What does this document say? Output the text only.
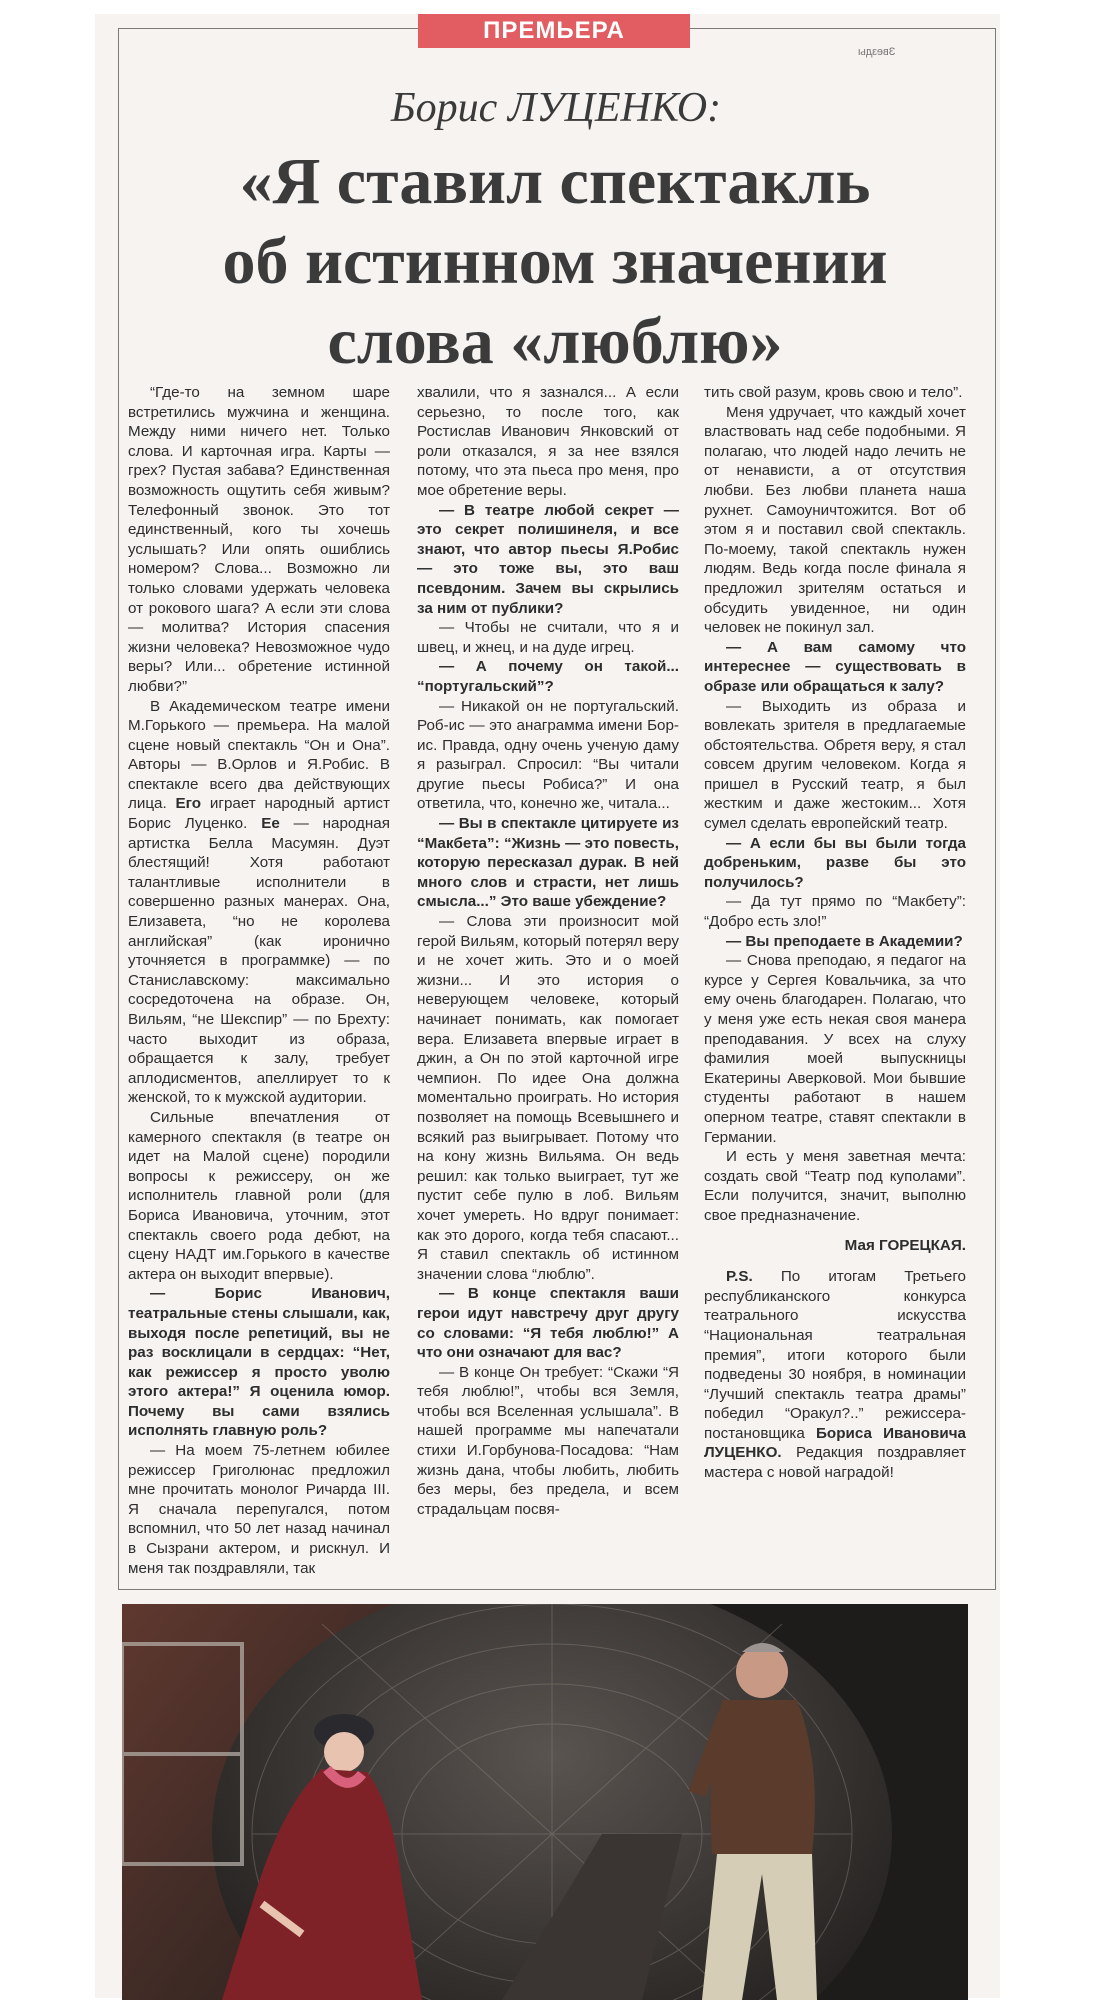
ПРЕМЬЕРА
Звезды
Борис ЛУЦЕНКО:
«Я ставил спектакль
об истинном значении
слова «люблю»

“Где-то на земном шаре встретились мужчина и женщина. Между ними ничего нет. Только слова. И карточная игра. Карты — грех? Пустая забава? Единственная возможность ощутить себя живым? Телефонный звонок. Это тот единственный, кого ты хочешь услышать? Или опять ошиблись номером? Слова... Возможно ли только словами удержать человека от рокового шага? А если эти слова — молитва? История спасения жизни человека? Невозможное чудо веры? Или... обретение истинной любви?”

В Академическом театре имени М.Горького — премьера. На малой сцене новый спектакль “Он и Она”. Авторы — В.Орлов и Я.Робис. В спектакле всего два действующих лица. Его играет народный артист Борис Луценко. Ее — народная артистка Белла Масумян. Дуэт блестящий! Хотя работают талантливые исполнители в совершенно разных манерах. Она, Елизавета, “но не королева английская” (как иронично уточняется в программке) — по Станиславскому: максимально сосредоточена на образе. Он, Вильям, “не Шекспир” — по Брехту: часто выходит из образа, обращается к залу, требует аплодисментов, апеллирует то к женской, то к мужской аудитории.

Сильные впечатления от камерного спектакля (в театре он идет на Малой сцене) породили вопросы к режиссеру, он же исполнитель главной роли (для Бориса Ивановича, уточним, этот спектакль своего рода дебют, на сцену НАДТ им.Горького в качестве актера он выходит впервые).

— Борис Иванович, театральные стены слышали, как, выходя после репетиций, вы не раз восклицали в сердцах: “Нет, как режиссер я просто уволю этого актера!” Я оценила юмор. Почему вы сами взялись исполнять главную роль?

— На моем 75-летнем юбилее режиссер Григолюнас предложил мне прочитать монолог Ричарда III. Я сначала перепугался, потом вспомнил, что 50 лет назад начинал в Сызрани актером, и рискнул. И меня так поздравляли, так

хвалили, что я зазнался... А если серьезно, то после того, как Ростислав Иванович Янковский от роли отказался, я за нее взялся потому, что эта пьеса про меня, про мое обретение веры.

— В театре любой секрет — это секрет полишинеля, и все знают, что автор пьесы Я.Робис — это тоже вы, это ваш псевдоним. Зачем вы скрылись за ним от публики?

— Чтобы не считали, что я и швец, и жнец, и на дуде игрец.

— А почему он такой... “португальский”?

— Никакой он не португальский. Роб-ис — это анаграмма имени Бор-ис. Правда, одну очень ученую даму я разыграл. Спросил: “Вы читали другие пьесы Робиса?” И она ответила, что, конечно же, читала...

— Вы в спектакле цитируете из “Макбета”: “Жизнь — это повесть, которую пересказал дурак. В ней много слов и страсти, нет лишь смысла...” Это ваше убеждение?

— Слова эти произносит мой герой Вильям, который потерял веру и не хочет жить. Это и о моей жизни... И это история о неверующем человеке, который начинает понимать, как помогает вера. Елизавета впервые играет в джин, а Он по этой карточной игре чемпион. По идее Она должна моментально проиграть. Но история позволяет на помощь Всевышнего и всякий раз выигрывает. Потому что на кону жизнь Вильяма. Он ведь решил: как только выиграет, тут же пустит себе пулю в лоб. Вильям хочет умереть. Но вдруг понимает: как это дорого, когда тебя спасают... Я ставил спектакль об истинном значении слова “люблю”.

— В конце спектакля ваши герои идут навстречу друг другу со словами: “Я тебя люблю!” А что они означают для вас?

— В конце Он требует: “Скажи “Я тебя люблю!”, чтобы вся Земля, чтобы вся Вселенная услышала”. В нашей программе мы напечатали стихи И.Горбунова-Посадова: “Нам жизнь дана, чтобы любить, любить без меры, без предела, и всем страдальцам посвя-

тить свой разум, кровь свою и тело”.

Меня удручает, что каждый хочет властвовать над себе подобными. Я полагаю, что людей надо лечить не от ненависти, а от отсутствия любви. Без любви планета наша рухнет. Самоуничтожится. Вот об этом я и поставил свой спектакль. По-моему, такой спектакль нужен людям. Ведь когда после финала я предложил зрителям остаться и обсудить увиденное, ни один человек не покинул зал.

— А вам самому что интереснее — существовать в образе или обращаться к залу?

— Выходить из образа и вовлекать зрителя в предлагаемые обстоятельства. Обретя веру, я стал совсем другим человеком. Когда я пришел в Русский театр, я был жестким и даже жестоким... Хотя сумел сделать европейский театр.

— А если бы вы были тогда добреньким, разве бы это получилось?

— Да тут прямо по “Макбету”: “Добро есть зло!”

— Вы преподаете в Академии?

— Снова преподаю, я педагог на курсе у Сергея Ковальчика, за что ему очень благодарен. Полагаю, что у меня уже есть некая своя манера преподавания. У всех на слуху фамилия моей выпускницы Екатерины Аверковой. Мои бывшие студенты работают в нашем оперном театре, ставят спектакли в Германии.

И есть у меня заветная мечта: создать свой “Театр под куполами”. Если получится, значит, выполню свое предназначение.

Мая ГОРЕЦКАЯ.

P.S. По итогам Третьего республиканского конкурса театрального искусства “Национальная театральная премия”, итоги которого были подведены 30 ноября, в номинации “Лучший спектакль театра драмы” победил “Оракул?..” режиссера-постановщика Бориса Ивановича ЛУЦЕНКО. Редакция поздравляет мастера с новой наградой!
